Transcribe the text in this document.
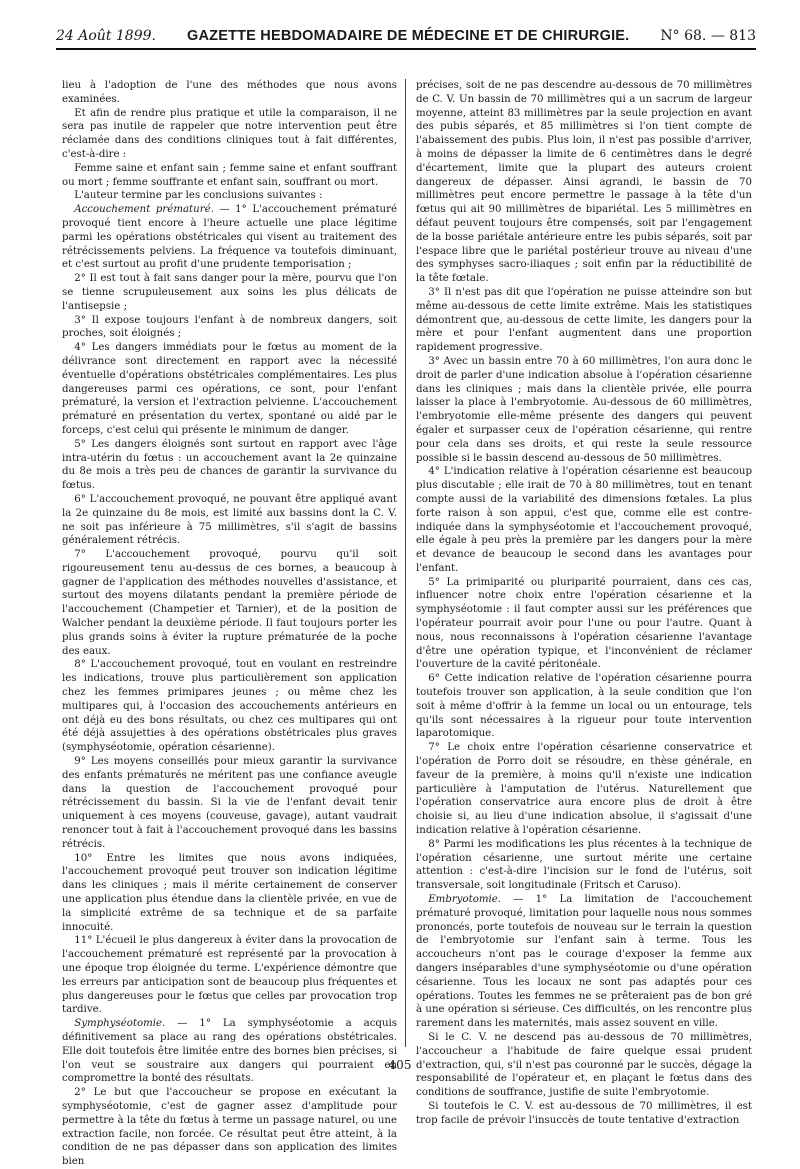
24 Août 1899. GAZETTE HEBDOMADAIRE DE MÉDECINE ET DE CHIRURGIE. N° 68. — 813

lieu à l'adoption de l'une des méthodes que nous avons examinées.

Et afin de rendre plus pratique et utile la comparaison, il ne sera pas inutile de rappeler que notre intervention peut être réclamée dans des conditions cliniques tout à fait différentes, c'est-à-dire :

Femme saine et enfant sain ; femme saine et enfant souffrant ou mort ; femme souffrante et enfant sain, souffrant ou mort.

L'auteur termine par les conclusions suivantes :

Accouchement prématuré. — 1° L'accouchement prématuré provoqué tient encore à l'heure actuelle une place légitime parmi les opérations obstétricales qui visent au traitement des rétrécissements pelviens. La fréquence va toutefois diminuant, et c'est surtout au profit d'une prudente temporisation ;

2° Il est tout à fait sans danger pour la mère, pourvu que l'on se tienne scrupuleusement aux soins les plus délicats de l'antisepsie ;

3° Il expose toujours l'enfant à de nombreux dangers, soit proches, soit éloignés ;

4° Les dangers immédiats pour le fœtus au moment de la délivrance sont directement en rapport avec la nécessité éventuelle d'opérations obstétricales complémentaires. Les plus dangereuses parmi ces opérations, ce sont, pour l'enfant prématuré, la version et l'extraction pelvienne. L'accouchement prématuré en présentation du vertex, spontané ou aidé par le forceps, c'est celui qui présente le minimum de danger.

5° Les dangers éloignés sont surtout en rapport avec l'âge intra-utérin du fœtus : un accouchement avant la 2e quinzaine du 8e mois a très peu de chances de garantir la survivance du fœtus.

6° L'accouchement provoqué, ne pouvant être appliqué avant la 2e quinzaine du 8e mois, est limité aux bassins dont la C. V. ne soit pas inférieure à 75 millimètres, s'il s'agit de bassins généralement rétrécis.

7° L'accouchement provoqué, pourvu qu'il soit rigoureusement tenu au-dessus de ces bornes, a beaucoup à gagner de l'application des méthodes nouvelles d'assistance, et surtout des moyens dilatants pendant la première période de l'accouchement (Champetier et Tarnier), et de la position de Walcher pendant la deuxième période. Il faut toujours porter les plus grands soins à éviter la rupture prématurée de la poche des eaux.

8° L'accouchement provoqué, tout en voulant en restreindre les indications, trouve plus particulièrement son application chez les femmes primipares jeunes ; ou même chez les multipares qui, à l'occasion des accouchements antérieurs en ont déjà eu des bons résultats, ou chez ces multipares qui ont été déjà assujetties à des opérations obstétricales plus graves (symphyséotomie, opération césarienne).

9° Les moyens conseillés pour mieux garantir la survivance des enfants prématurés ne méritent pas une confiance aveugle dans la question de l'accouchement provoqué pour rétrécissement du bassin. Si la vie de l'enfant devait tenir uniquement à ces moyens (couveuse, gavage), autant vaudrait renoncer tout à fait à l'accouchement provoqué dans les bassins rétrécis.

10° Entre les limites que nous avons indiquées, l'accouchement provoqué peut trouver son indication légitime dans les cliniques ; mais il mérite certainement de conserver une application plus étendue dans la clientèle privée, en vue de la simplicité extrême de sa technique et de sa parfaite innocuité.

11° L'écueil le plus dangereux à éviter dans la provocation de l'accouchement prématuré est représenté par la provocation à une époque trop éloignée du terme. L'expérience démontre que les erreurs par anticipation sont de beaucoup plus fréquentes et plus dangereuses pour le fœtus que celles par provocation trop tardive.

Symphyséotomie. — 1° La symphyséotomie a acquis définitivement sa place au rang des opérations obstétricales. Elle doit toutefois être limitée entre des bornes bien précises, si l'on veut se soustraire aux dangers qui pourraient en compromettre la bonté des résultats.

2° Le but que l'accoucheur se propose en exécutant la symphyséotomie, c'est de gagner assez d'amplitude pour permettre à la tête du fœtus à terme un passage naturel, ou une extraction facile, non forcée. Ce résultat peut être atteint, à la condition de ne pas dépasser dans son application des limites bien

précises, soit de ne pas descendre au-dessous de 70 millimètres de C. V. Un bassin de 70 millimètres qui a un sacrum de largeur moyenne, atteint 83 millimètres par la seule projection en avant des pubis séparés, et 85 millimètres si l'on tient compte de l'abaissement des pubis. Plus loin, il n'est pas possible d'arriver, à moins de dépasser la limite de 6 centimètres dans le degré d'écartement, limite que la plupart des auteurs croient dangereux de dépasser. Ainsi agrandi, le bassin de 70 millimètres peut encore permettre le passage à la tête d'un fœtus qui ait 90 millimètres de bipariétal. Les 5 millimètres en défaut peuvent toujours être compensés, soit par l'engagement de la bosse pariétale antérieure entre les pubis séparés, soit par l'espace libre que le pariétal postérieur trouve au niveau d'une des symphyses sacro-iliaques ; soit enfin par la réductibilité de la tête fœtale.

3° Il n'est pas dit que l'opération ne puisse atteindre son but même au-dessous de cette limite extrême. Mais les statistiques démontrent que, au-dessous de cette limite, les dangers pour la mère et pour l'enfant augmentent dans une proportion rapidement progressive.

3° Avec un bassin entre 70 à 60 millimètres, l'on aura donc le droit de parler d'une indication absolue à l'opération césarienne dans les cliniques ; mais dans la clientèle privée, elle pourra laisser la place à l'embryotomie. Au-dessous de 60 millimètres, l'embryotomie elle-même présente des dangers qui peuvent égaler et surpasser ceux de l'opération césarienne, qui rentre pour cela dans ses droits, et qui reste la seule ressource possible si le bassin descend au-dessous de 50 millimètres.

4° L'indication relative à l'opération césarienne est beaucoup plus discutable ; elle irait de 70 à 80 millimètres, tout en tenant compte aussi de la variabilité des dimensions fœtales. La plus forte raison à son appui, c'est que, comme elle est contre-indiquée dans la symphyséotomie et l'accouchement provoqué, elle égale à peu près la première par les dangers pour la mère et devance de beaucoup le second dans les avantages pour l'enfant.

5° La primiparité ou pluriparité pourraient, dans ces cas, influencer notre choix entre l'opération césarienne et la symphyséotomie : il faut compter aussi sur les préférences que l'opérateur pourrait avoir pour l'une ou pour l'autre. Quant à nous, nous reconnaissons à l'opération césarienne l'avantage d'être une opération typique, et l'inconvénient de réclamer l'ouverture de la cavité péritonéale.

6° Cette indication relative de l'opération césarienne pourra toutefois trouver son application, à la seule condition que l'on soit à même d'offrir à la femme un local ou un entourage, tels qu'ils sont nécessaires à la rigueur pour toute intervention laparotomique.

7° Le choix entre l'opération césarienne conservatrice et l'opération de Porro doit se résoudre, en thèse générale, en faveur de la première, à moins qu'il n'existe une indication particulière à l'amputation de l'utérus. Naturellement que l'opération conservatrice aura encore plus de droit à être choisie si, au lieu d'une indication absolue, il s'agissait d'une indication relative à l'opération césarienne.

8° Parmi les modifications les plus récentes à la technique de l'opération césarienne, une surtout mérite une certaine attention : c'est-à-dire l'incision sur le fond de l'utérus, soit transversale, soit longitudinale (Fritsch et Caruso).

Embryotomie. — 1° La limitation de l'accouchement prématuré provoqué, limitation pour laquelle nous nous sommes prononcés, porte toutefois de nouveau sur le terrain la question de l'embryotomie sur l'enfant sain à terme. Tous les accoucheurs n'ont pas le courage d'exposer la femme aux dangers inséparables d'une symphyséotomie ou d'une opération césarienne. Tous les locaux ne sont pas adaptés pour ces opérations. Toutes les femmes ne se prêteraient pas de bon gré à une opération si sérieuse. Ces difficultés, on les rencontre plus rarement dans les maternités, mais assez souvent en ville.

Si le C. V. ne descend pas au-dessous de 70 millimètres, l'accoucheur a l'habitude de faire quelque essai prudent d'extraction, qui, s'il n'est pas couronné par le succès, dégage la responsabilité de l'opérateur et, en plaçant le fœtus dans des conditions de souffrance, justifie de suite l'embryotomie.

Si toutefois le C. V. est au-dessous de 70 millimètres, il est trop facile de prévoir l'insuccès de toute tentative d'extraction

405
